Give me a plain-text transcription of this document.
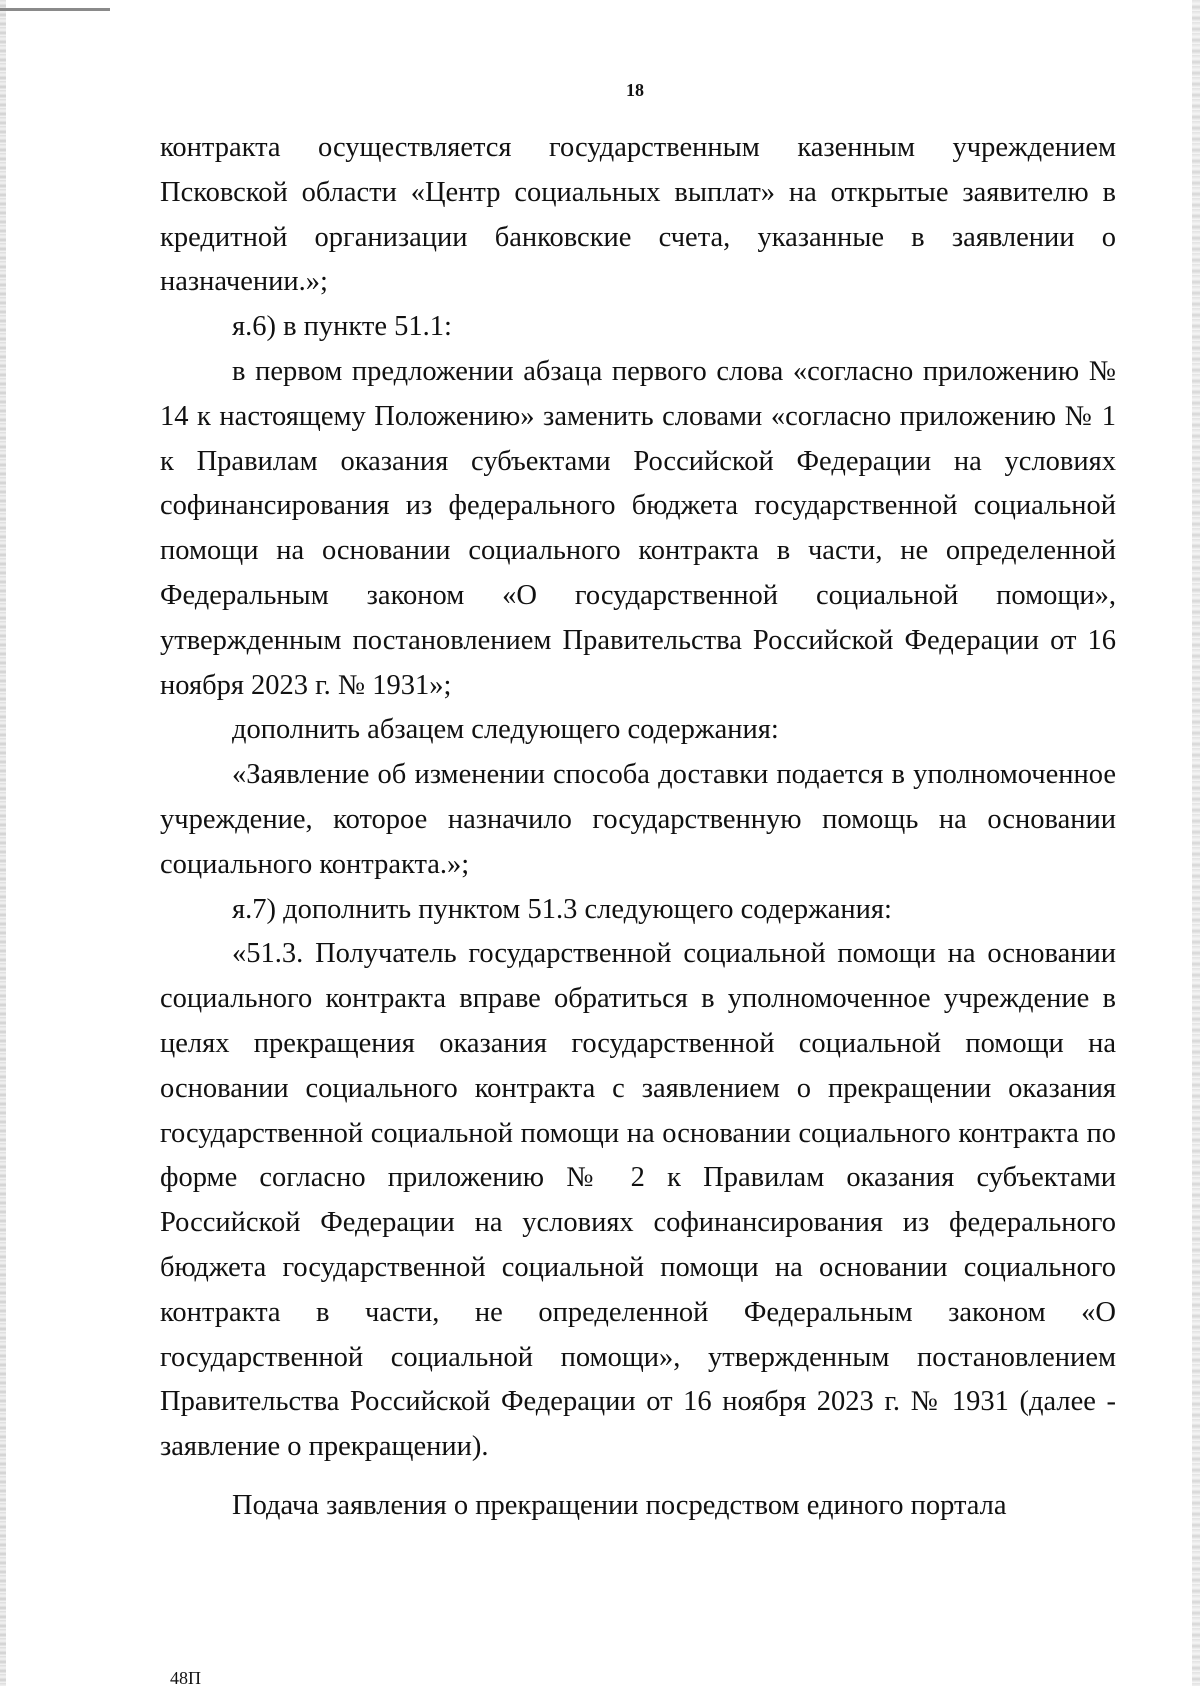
18

контракта осуществляется государственным казенным учреждением Псковской области «Центр социальных выплат» на открытые заявителю в кредитной организации банковские счета, указанные в заявлении о назначении.»;

я.6) в пункте 51.1:

в первом предложении абзаца первого слова «согласно приложению № 14 к настоящему Положению» заменить словами «согласно приложению № 1 к Правилам оказания субъектами Российской Федерации на условиях софинансирования из федерального бюджета государственной социальной помощи на основании социального контракта в части, не определенной Федеральным законом «О государственной социальной помощи», утвержденным постановлением Правительства Российской Федерации от 16 ноября 2023 г. № 1931»;

дополнить абзацем следующего содержания:

«Заявление об изменении способа доставки подается в уполномоченное учреждение, которое назначило государственную помощь на основании социального контракта.»;

я.7) дополнить пунктом 51.3 следующего содержания:

«51.3. Получатель государственной социальной помощи на основании социального контракта вправе обратиться в уполномоченное учреждение в целях прекращения оказания государственной социальной помощи на основании социального контракта с заявлением о прекращении оказания государственной социальной помощи на основании социального контракта по форме согласно приложению № 2 к Правилам оказания субъектами Российской Федерации на условиях софинансирования из федерального бюджета государственной социальной помощи на основании социального контракта в части, не определенной Федеральным законом «О государственной социальной помощи», утвержденным постановлением Правительства Российской Федерации от 16 ноября 2023 г. № 1931 (далее - заявление о прекращении).

Подача заявления о прекращении посредством единого портала

48П
